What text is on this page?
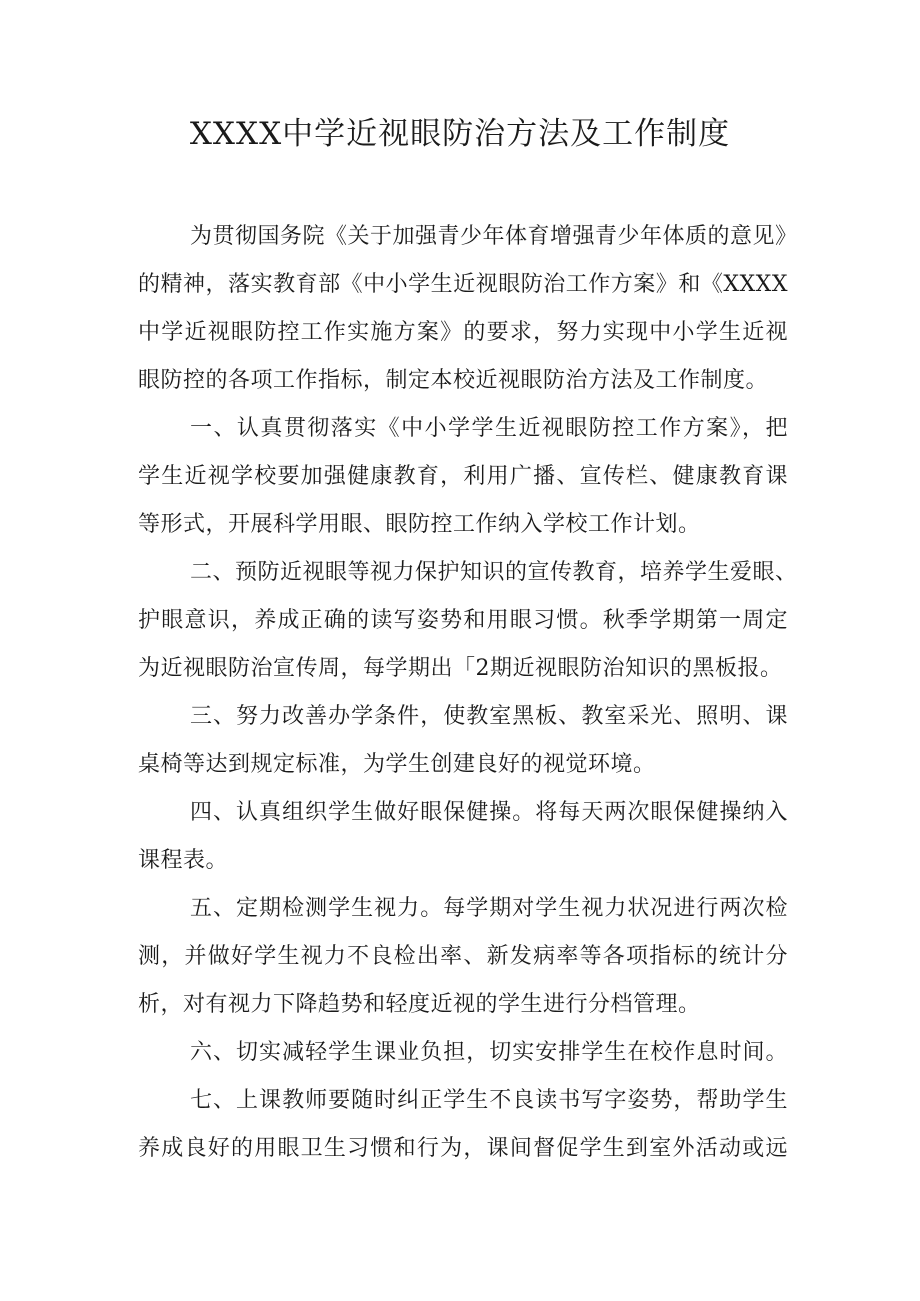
XXXX中学近视眼防治方法及工作制度
为贯彻国务院《关于加强青少年体育增强青少年体质的意见》
的精神，落实教育部《中小学生近视眼防治工作方案》和《XXXX
中学近视眼防控工作实施方案》的要求，努力实现中小学生近视
眼防控的各项工作指标，制定本校近视眼防治方法及工作制度。
一、认真贯彻落实《中小学学生近视眼防控工作方案》，把
学生近视学校要加强健康教育，利用广播、宣传栏、健康教育课
等形式，开展科学用眼、眼防控工作纳入学校工作计划。
二、预防近视眼等视力保护知识的宣传教育，培养学生爱眼、
护眼意识，养成正确的读写姿势和用眼习惯。秋季学期第一周定
为近视眼防治宣传周，每学期出「2期近视眼防治知识的黑板报。
三、努力改善办学条件，使教室黑板、教室采光、照明、课
桌椅等达到规定标准，为学生创建良好的视觉环境。
四、认真组织学生做好眼保健操。将每天两次眼保健操纳入
课程表。
五、定期检测学生视力。每学期对学生视力状况进行两次检
测，并做好学生视力不良检出率、新发病率等各项指标的统计分
析，对有视力下降趋势和轻度近视的学生进行分档管理。
六、切实减轻学生课业负担，切实安排学生在校作息时间。
七、上课教师要随时纠正学生不良读书写字姿势，帮助学生
养成良好的用眼卫生习惯和行为，课间督促学生到室外活动或远
